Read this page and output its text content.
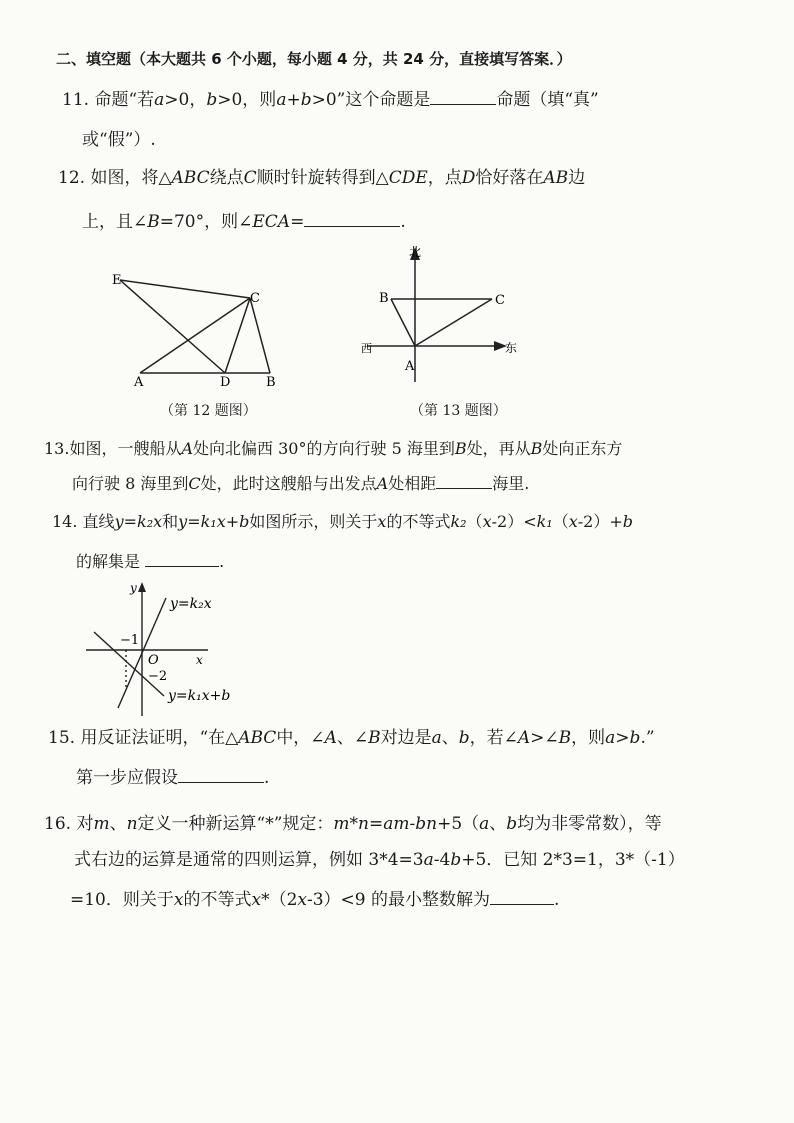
二、填空题（本大题共 6 个小题，每小题 4 分，共 24 分，直接填写答案．）
11. 命题“若a>0，b>0，则a+b>0”这个命题是	命题（填“真”
或“假”）.
12. 如图，将△ABC绕点C顺时针旋转得到△CDE，点D恰好落在AB边
上，且∠B=70°，则∠ECA=	.
E
C
A	D	B
（第 12 题图）
北
西	东
B	C
A
（第 13 题图）
13.如图，一艘船从A处向北偏西 30°的方向行驶 5 海里到B处，再从B处向正东方
向行驶 8 海里到C处，此时这艘船与出发点A处相距	海里.
14. 直线y=k₂x和y=k₁x+b如图所示，则关于x的不等式k₂（x-2）<k₁（x-2）+b
的解集是	.
y
x
O
−1
−2
y=k₂x
y=k₁x+b
15. 用反证法证明，“在△ABC中，∠A、∠B对边是a、b，若∠A>∠B，则a>b.”
第一步应假设	.
16. 对m、n定义一种新运算“*”规定：m*n=am-bn+5（a、b均为非零常数），等
式右边的运算是通常的四则运算，例如 3*4=3a-4b+5．已知 2*3=1，3*（-1）
=10．则关于x的不等式x*（2x-3）<9 的最小整数解为	.
